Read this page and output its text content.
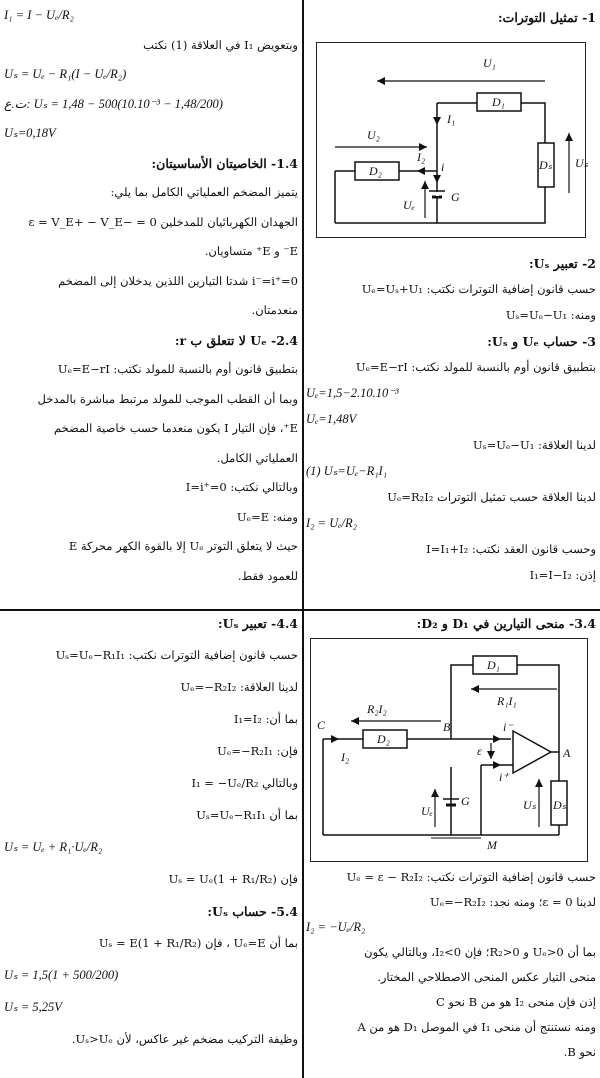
I₁ = I − Uₑ/R₂
وبتعويض I₁ في العلاقة (1) نكتب
Uₛ = Uₑ − R₁(I − Uₑ/R₂)
ت.ع: Uₛ = 1,48 − 500(10.10⁻³ − 1,48/200)
Uₛ=0,18V
1.4- الخاصيتان الأساسيتان:
يتميز المضخم العملياتي الكامل بما يلي:
الجهدان الكهربائيان للمدخلين ε = V_E+ − V_E− = 0
E⁻ و E⁺ متساويان.
i⁻=i⁺=0 شدتا التيارين اللذين يدخلان إلى المضخم
منعدمتان.
2.4- Uₑ لا تتعلق ب r:
بتطبيق قانون أوم بالنسبة للمولد نكتب: Uₑ=E−rI
وبما أن القطب الموجب للمولد مرتبط مباشرة بالمدخل
E⁺، فإن التيار I يكون منعدما حسب خاصية المضخم
العملياتي الكامل.
وبالتالي نكتب: I=i⁺=0
ومنه: Uₑ=E
حيث لا يتعلق التوتر Uₑ إلا بالقوة الكهر محركة E
للعمود فقط.
1- تمثيل التوترات:
U₁
D₁
I₁
U₂
I₂
D₂	i
G
Uₑ
Dₛ Uₛ
2- تعبير Uₛ:
حسب قانون إضافية التوترات نكتب: Uₑ=Uₛ+U₁
ومنه: Uₛ=Uₑ−U₁
3- حساب Uₑ و Uₛ:
بتطبيق قانون أوم بالنسبة للمولد نكتب: Uₑ=E−rI
Uₑ=1,5−2.10.10⁻³
Uₑ=1,48V
لدينا العلاقة: Uₛ=Uₑ−U₁
(1) Uₛ=Uₑ−R₁I₁
لدينا العلاقة حسب تمثيل التوترات Uₑ=R₂I₂
I₂ = Uₑ/R₂
وحسب قانون العقد نكتب: I=I₁+I₂
إذن: I₁=I−I₂
4.4- تعبير Uₛ:
حسب قانون إضافية التوترات نكتب: Uₛ=Uₑ−R₁I₁
لدينا العلاقة: Uₑ=−R₂I₂
بما أن: I₁=I₂
فإن: Uₑ=−R₂I₁
وبالتالي I₁ = −Uₑ/R₂
بما أن Uₛ=Uₑ−R₁I₁
Uₛ = Uₑ + R₁·Uₑ/R₂
فإن Uₛ = Uₑ(1 + R₁/R₂)
5.4- حساب Uₛ:
بما أن Uₑ=E ، فإن Uₛ = E(1 + R₁/R₂)
Uₛ = 1,5(1 + 500/200)
Uₛ = 5,25V
وظيفة التركيب مضخم غير عاكس، لأن Uₛ>Uₑ.
3.4- منحى التيارين في D₁ و D₂:
D₁
R₁I₁
R₂I₂
C	B
A
D₂
I₂
i⁻
i⁺
ε
Uₑ	Uₛ
G	Dₛ
M
حسب قانون إضافية التوترات نكتب: Uₑ = ε − R₂I₂
لدينا ε = 0؛ ومنه نجد: Uₑ=−R₂I₂
I₂ = −Uₑ/R₂
بما أن Uₑ>0 و R₂>0؛ فإن I₂<0، وبالتالي يكون
منحى التيار عكس المنحى الاصطلاحي المختار.
إذن فإن منحى I₂ هو من B نحو C
ومنه نستنتج أن منحى I₁ في الموصل D₁ هو من A
نحو B.
